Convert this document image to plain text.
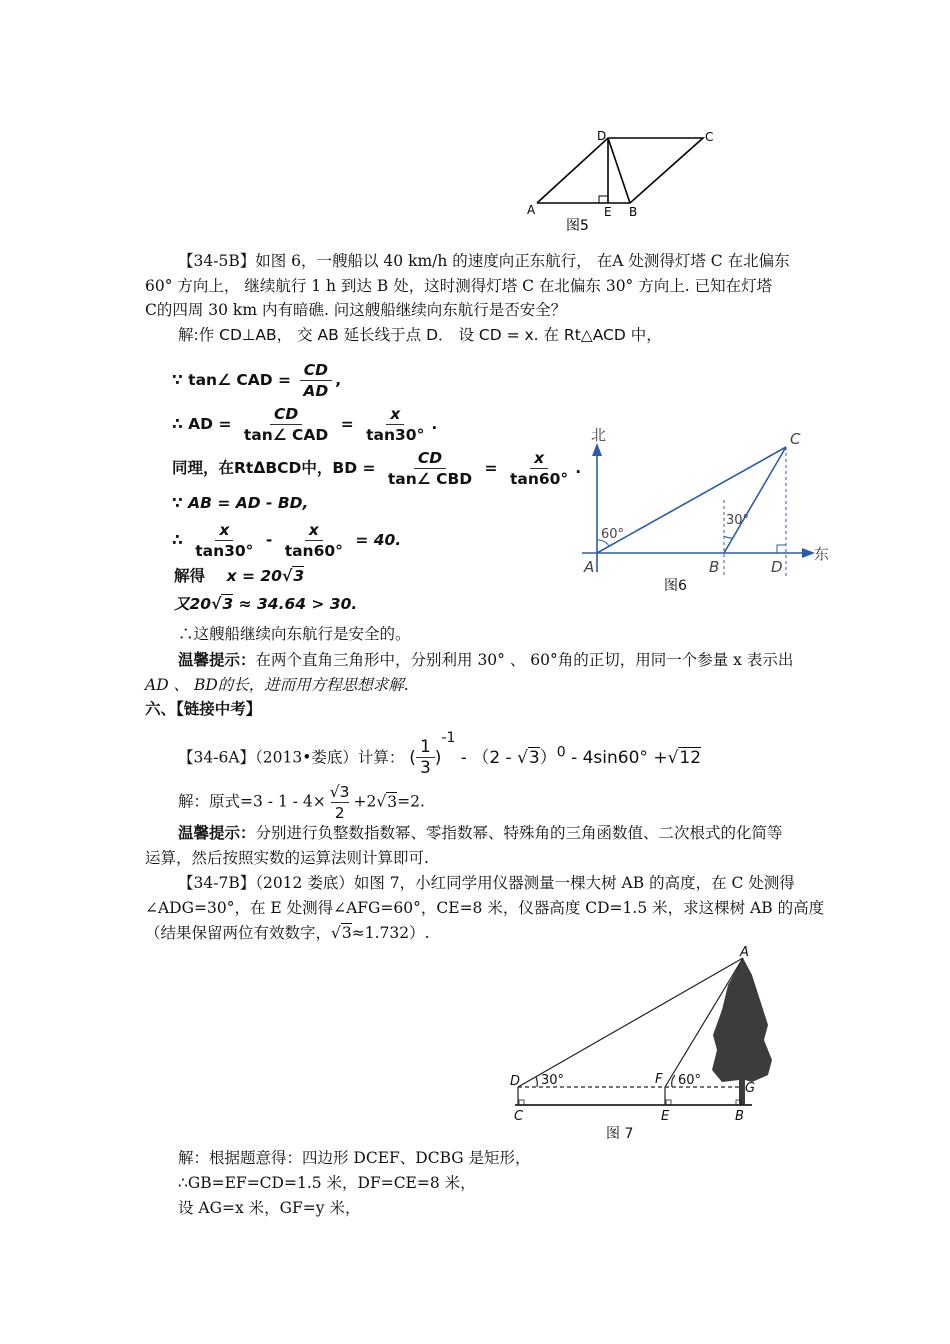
D	C
A	E B
图5
北
东
C
A	B	D
60°
30°
图6
A
D	F
G
C	E	B
30°	60°
图 7
【34-5B】如图 6，一艘船以 40 km/h 的速度向正东航行， 在A 处测得灯塔 C 在北偏东
60° 方向上， 继续航行 1 h 到达 B 处，这时测得灯塔 C 在北偏东 30° 方向上. 已知在灯塔
C的四周 30 km 内有暗礁. 问这艘船继续向东航行是否安全？
解:作 CD⊥AB， 交 AB 延长线于点 D． 设 CD = x. 在 Rt△ACD 中，
∵ tan∠ CAD = $\frac{CD}{AD}$ ,
∴ AD = $\frac{CD}{\text{tan∠ CAD}} = \frac{x}{\tan 30^\circ}$ .
同理，在RtΔBCD中，BD = $\frac{CD}{\text{tan∠ CBD}} = \frac{x}{\tan 60^\circ}$ .
∵ AB = AD - BD,
∴ $\frac{x}{\tan 30^\circ} - \frac{x}{\tan 60^\circ} = 40$.
解得 x = 20√3
又20√3 ≈ 34.64 > 30.
∴这艘船继续向东航行是安全的。
温馨提示：在两个直角三角形中，分别利用 30° 、 60°角的正切，用同一个参量 x 表示出
AD 、 BD的长，进而用方程思想求解.
六、【链接中考】
【34-6A】（2013•娄底）计算： ( $\frac{1}{3} )^{-1} - (2 - √3)^0 - 4\sin 60^\circ +√12$
解：原式$=3 - 1 - 4\times \frac{√3}{2} +2√3=2$.
温馨提示：分别进行负整数指数幂、零指数幂、特殊角的三角函数值、二次根式的化简等
运算，然后按照实数的运算法则计算即可.
【34-7B】（2012 娄底）如图 7，小红同学用仪器测量一棵大树 AB 的高度，在 C 处测得
∠ADG=30°，在 E 处测得∠AFG=60°，CE=8 米，仪器高度 CD=1.5 米，求这棵树 AB 的高度
（结果保留两位有效数字，√3≈1.732）.
解：根据题意得：四边形 DCEF、DCBG 是矩形，
∴GB=EF=CD=1.5 米，DF=CE=8 米，
设 AG=x 米，GF=y 米，
